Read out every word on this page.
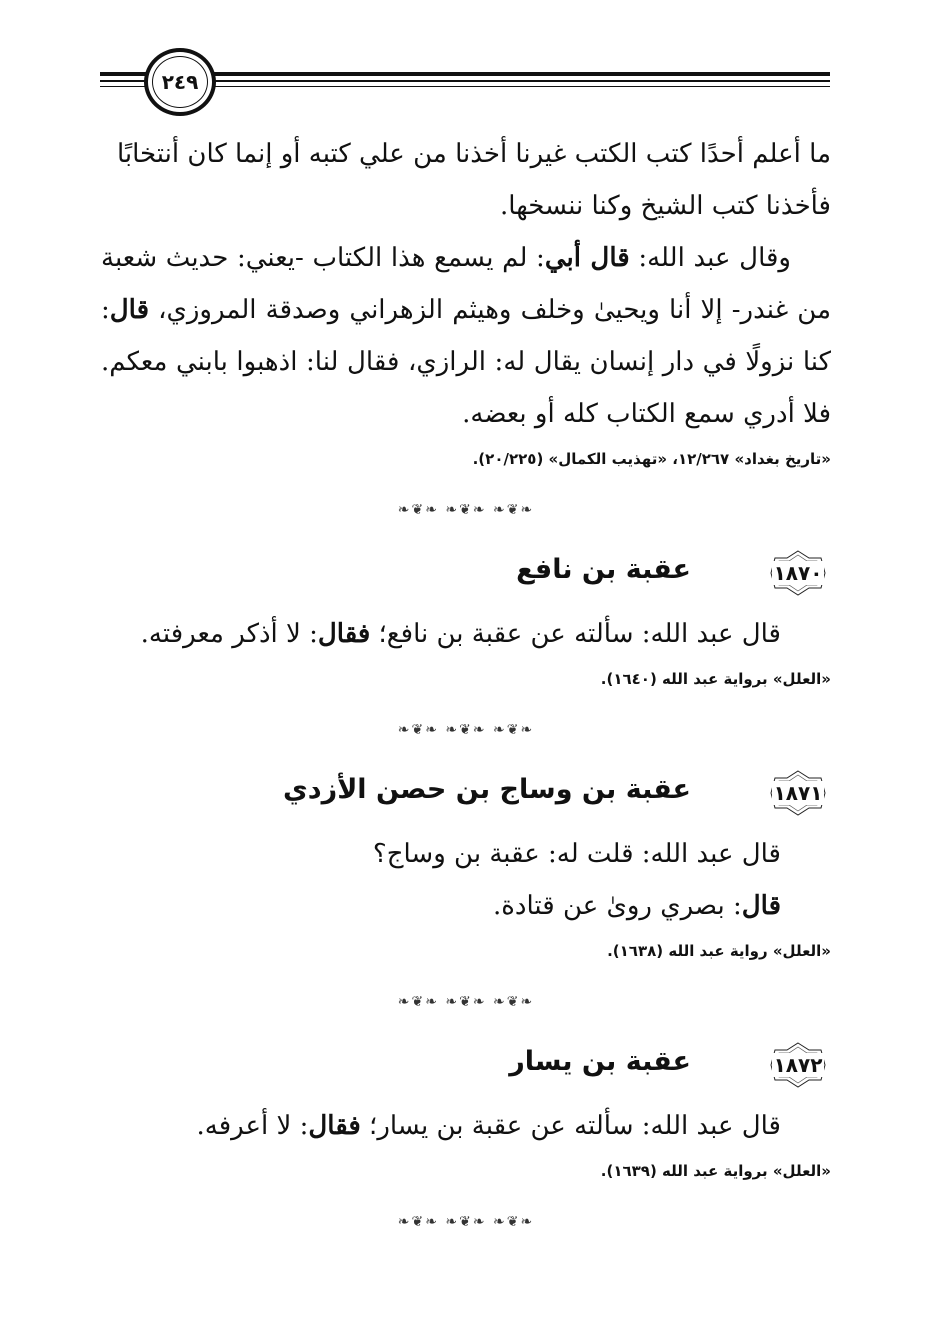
٢٤٩

ما أعلم أحدًا كتب الكتب غيرنا أخذنا من علي كتبه أو إنما كان أنتخابًا

فأخذنا كتب الشيخ وكنا ننسخها.

وقال عبد الله: قال أبي: لم يسمع هذا الكتاب -يعني: حديث شعبة من غندر- إلا أنا ويحيىٰ وخلف وهيثم الزهراني وصدقة المروزي، قال: كنا نزولًا في دار إنسان يقال له: الرازي، فقال لنا: اذهبوا بابني معكم. فلا أدري سمع الكتاب كله أو بعضه.

«تاريخ بغداد» ١٢/٢٦٧، «تهذيب الكمال» (٢٠/٢٢٥).
❧❦❧ ❧❦❧ ❧❦❧
١٨٧٠
عقبة بن نافع

قال عبد الله: سألته عن عقبة بن نافع؛ فقال: لا أذكر معرفته.

«العلل» برواية عبد الله (١٦٤٠).
❧❦❧ ❧❦❧ ❧❦❧
١٨٧١
عقبة بن وساج بن حصن الأزدي

قال عبد الله: قلت له: عقبة بن وساج؟

قال: بصري روىٰ عن قتادة.

«العلل» رواية عبد الله (١٦٣٨).
❧❦❧ ❧❦❧ ❧❦❧
١٨٧٢
عقبة بن يسار

قال عبد الله: سألته عن عقبة بن يسار؛ فقال: لا أعرفه.

«العلل» برواية عبد الله (١٦٣٩).
❧❦❧ ❧❦❧ ❧❦❧
